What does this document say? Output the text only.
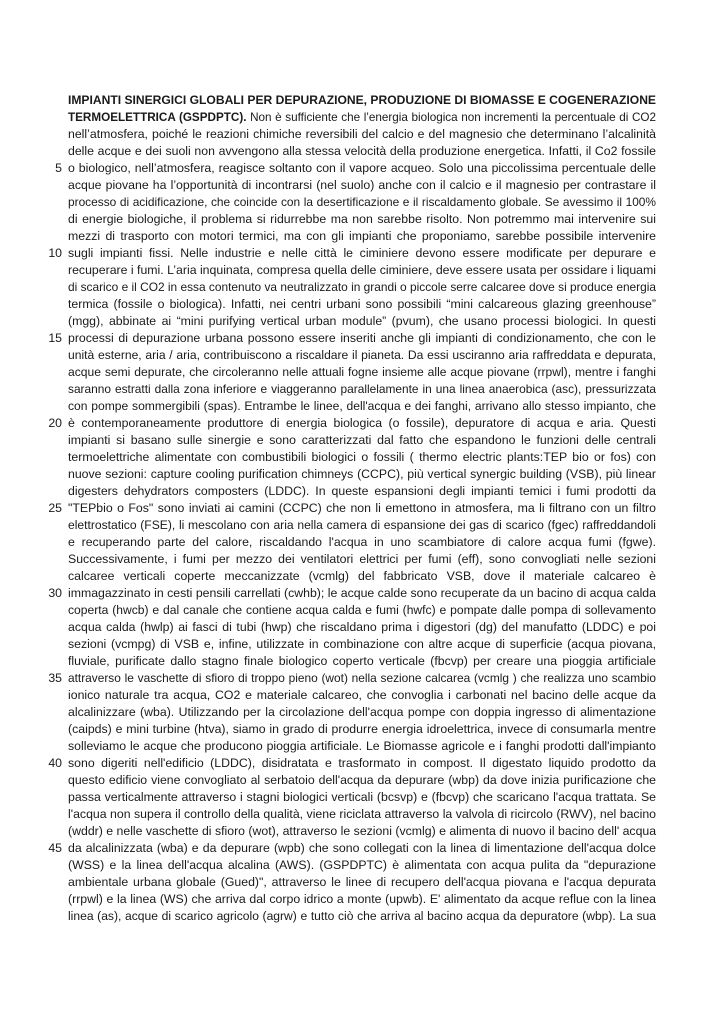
IMPIANTI SINERGICI GLOBALI PER DEPURAZIONE, PRODUZIONE DI BIOMASSE E COGENERAZIONE
TERMOELETTRICA (GSPDPTC). Non è sufficiente che l’energia biologica non incrementi la percentuale di CO2
nell’atmosfera, poiché le reazioni chimiche reversibili del calcio e del magnesio che determinano l’alcalinità
delle acque e dei suoli non avvengono alla stessa velocità della produzione energetica. Infatti, il Co2 fossile
o biologico, nell’atmosfera, reagisce soltanto con il vapore acqueo. Solo una piccolissima percentuale delle
acque piovane ha l’opportunità di incontrarsi (nel suolo) anche con il calcio e il magnesio per contrastare il
processo di acidificazione, che coincide con la desertificazione e il riscaldamento globale. Se avessimo il 100%
di energie biologiche, il problema si ridurrebbe ma non sarebbe risolto. Non potremmo mai intervenire sui
mezzi di trasporto con motori termici, ma con gli impianti che proponiamo, sarebbe possibile intervenire
sugli impianti fissi. Nelle industrie e nelle città le ciminiere devono essere modificate per depurare e
recuperare i fumi. L’aria inquinata, compresa quella delle ciminiere, deve essere usata per ossidare i liquami
di scarico e il CO2 in essa contenuto va neutralizzato in grandi o piccole serre calcaree dove si produce energia
termica (fossile o biologica). Infatti, nei centri urbani sono possibili “mini calcareous glazing greenhouse”
(mgg), abbinate ai “mini purifying vertical urban module” (pvum), che usano processi biologici. In questi
processi di depurazione urbana possono essere inseriti anche gli impianti di condizionamento, che con le
unità esterne, aria / aria, contribuiscono a riscaldare il pianeta. Da essi usciranno aria raffreddata e depurata,
acque semi depurate, che circoleranno nelle attuali fogne insieme alle acque piovane (rrpwl), mentre i fanghi
saranno estratti dalla zona inferiore e viaggeranno parallelamente in una linea anaerobica (asc), pressurizzata
con pompe sommergibili (spas). Entrambe le linee, dell'acqua e dei fanghi, arrivano allo stesso impianto, che
è contemporaneamente produttore di energia biologica (o fossile), depuratore di acqua e aria. Questi
impianti si basano sulle sinergie e sono caratterizzati dal fatto che espandono le funzioni delle centrali
termoelettriche alimentate con combustibili biologici o fossili ( thermo electric plants:TEP bio or fos) con
nuove sezioni: capture cooling purification chimneys (CCPC), più vertical synergic building (VSB), più linear
digesters dehydrators composters (LDDC). In queste espansioni degli impianti temici i fumi prodotti da
"TEPbio o Fos" sono inviati ai camini (CCPC) che non li emettono in atmosfera, ma li filtrano con un filtro
elettrostatico (FSE), li mescolano con aria nella camera di espansione dei gas di scarico (fgec) raffreddandoli
e recuperando parte del calore, riscaldando l'acqua in uno scambiatore di calore acqua fumi (fgwe).
Successivamente, i fumi per mezzo dei ventilatori elettrici per fumi (eff), sono convogliati nelle sezioni
calcaree verticali coperte meccanizzate (vcmlg) del fabbricato VSB, dove il materiale calcareo è
immagazzinato in cesti pensili carrellati (cwhb); le acque calde sono recuperate da un bacino di acqua calda
coperta (hwcb) e dal canale che contiene acqua calda e fumi (hwfc) e pompate dalle pompa di sollevamento
acqua calda (hwlp) ai fasci di tubi (hwp) che riscaldano prima i digestori (dg) del manufatto (LDDC) e poi
sezioni (vcmpg) di VSB e, infine, utilizzate in combinazione con altre acque di superficie (acqua piovana,
fluviale, purificate dallo stagno finale biologico coperto verticale (fbcvp) per creare una pioggia artificiale
attraverso le vaschette di sfioro di troppo pieno (wot) nella sezione calcarea (vcmlg ) che realizza uno scambio
ionico naturale tra acqua, CO2 e materiale calcareo, che convoglia i carbonati nel bacino delle acque da
alcalinizzare (wba). Utilizzando per la circolazione dell'acqua pompe con doppia ingresso di alimentazione
(caipds) e mini turbine (htva), siamo in grado di produrre energia idroelettrica, invece di consumarla mentre
solleviamo le acque che producono pioggia artificiale. Le Biomasse agricole e i fanghi prodotti dall'impianto
sono digeriti nell'edificio (LDDC), disidratata e trasformato in compost. Il digestato liquido prodotto da
questo edificio viene convogliato al serbatoio dell'acqua da depurare (wbp) da dove inizia purificazione che
passa verticalmente attraverso i stagni biologici verticali (bcsvp) e (fbcvp) che scaricano l'acqua trattata. Se
l'acqua non supera il controllo della qualità, viene riciclata attraverso la valvola di ricircolo (RWV), nel bacino
(wddr) e nelle vaschette di sfioro (wot), attraverso le sezioni (vcmlg) e alimenta di nuovo il bacino dell' acqua
da alcalinizzata (wba) e da depurare (wpb) che sono collegati con la linea di limentazione dell'acqua dolce
(WSS) e la linea dell'acqua alcalina (AWS). (GSPDPTC) è alimentata con acqua pulita da "depurazione
ambientale urbana globale (Gued)", attraverso le linee di recupero dell'acqua piovana e l'acqua depurata
(rrpwl) e la linea (WS) che arriva dal corpo idrico a monte (upwb). E' alimentato da acque reflue con la linea
linea (as), acque di scarico agricolo (agrw) e tutto ciò che arriva al bacino acqua da depuratore (wbp). La sua
5
10
15
20
25
30
35
40
45
